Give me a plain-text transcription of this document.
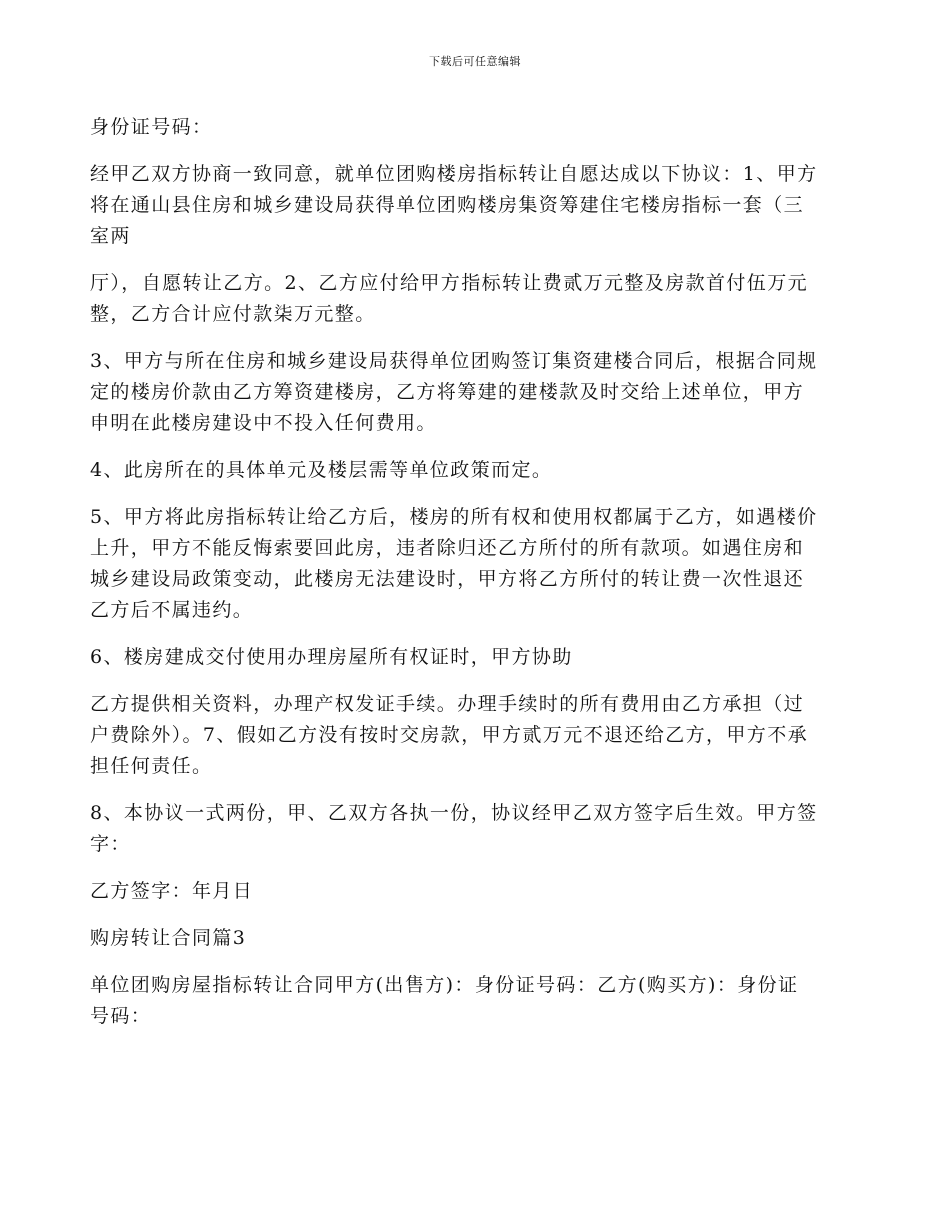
下载后可任意编辑

身份证号码：

经甲乙双方协商一致同意，就单位团购楼房指标转让自愿达成以下协议：1、甲方
将在通山县住房和城乡建设局获得单位团购楼房集资筹建住宅楼房指标一套（三
室两

厅），自愿转让乙方。2、乙方应付给甲方指标转让费贰万元整及房款首付伍万元
整，乙方合计应付款柒万元整。

3、甲方与所在住房和城乡建设局获得单位团购签订集资建楼合同后，根据合同规
定的楼房价款由乙方筹资建楼房，乙方将筹建的建楼款及时交给上述单位，甲方
申明在此楼房建设中不投入任何费用。

4、此房所在的具体单元及楼层需等单位政策而定。

5、甲方将此房指标转让给乙方后，楼房的所有权和使用权都属于乙方，如遇楼价
上升，甲方不能反悔索要回此房，违者除归还乙方所付的所有款项。如遇住房和
城乡建设局政策变动，此楼房无法建设时，甲方将乙方所付的转让费一次性退还
乙方后不属违约。

6、楼房建成交付使用办理房屋所有权证时，甲方协助

乙方提供相关资料，办理产权发证手续。办理手续时的所有费用由乙方承担（过
户费除外）。7、假如乙方没有按时交房款，甲方贰万元不退还给乙方，甲方不承
担任何责任。

8、本协议一式两份，甲、乙双方各执一份，协议经甲乙双方签字后生效。甲方签
字：

乙方签字：年月日

购房转让合同篇3

单位团购房屋指标转让合同甲方(出售方)：身份证号码：乙方(购买方)：身份证
号码：
